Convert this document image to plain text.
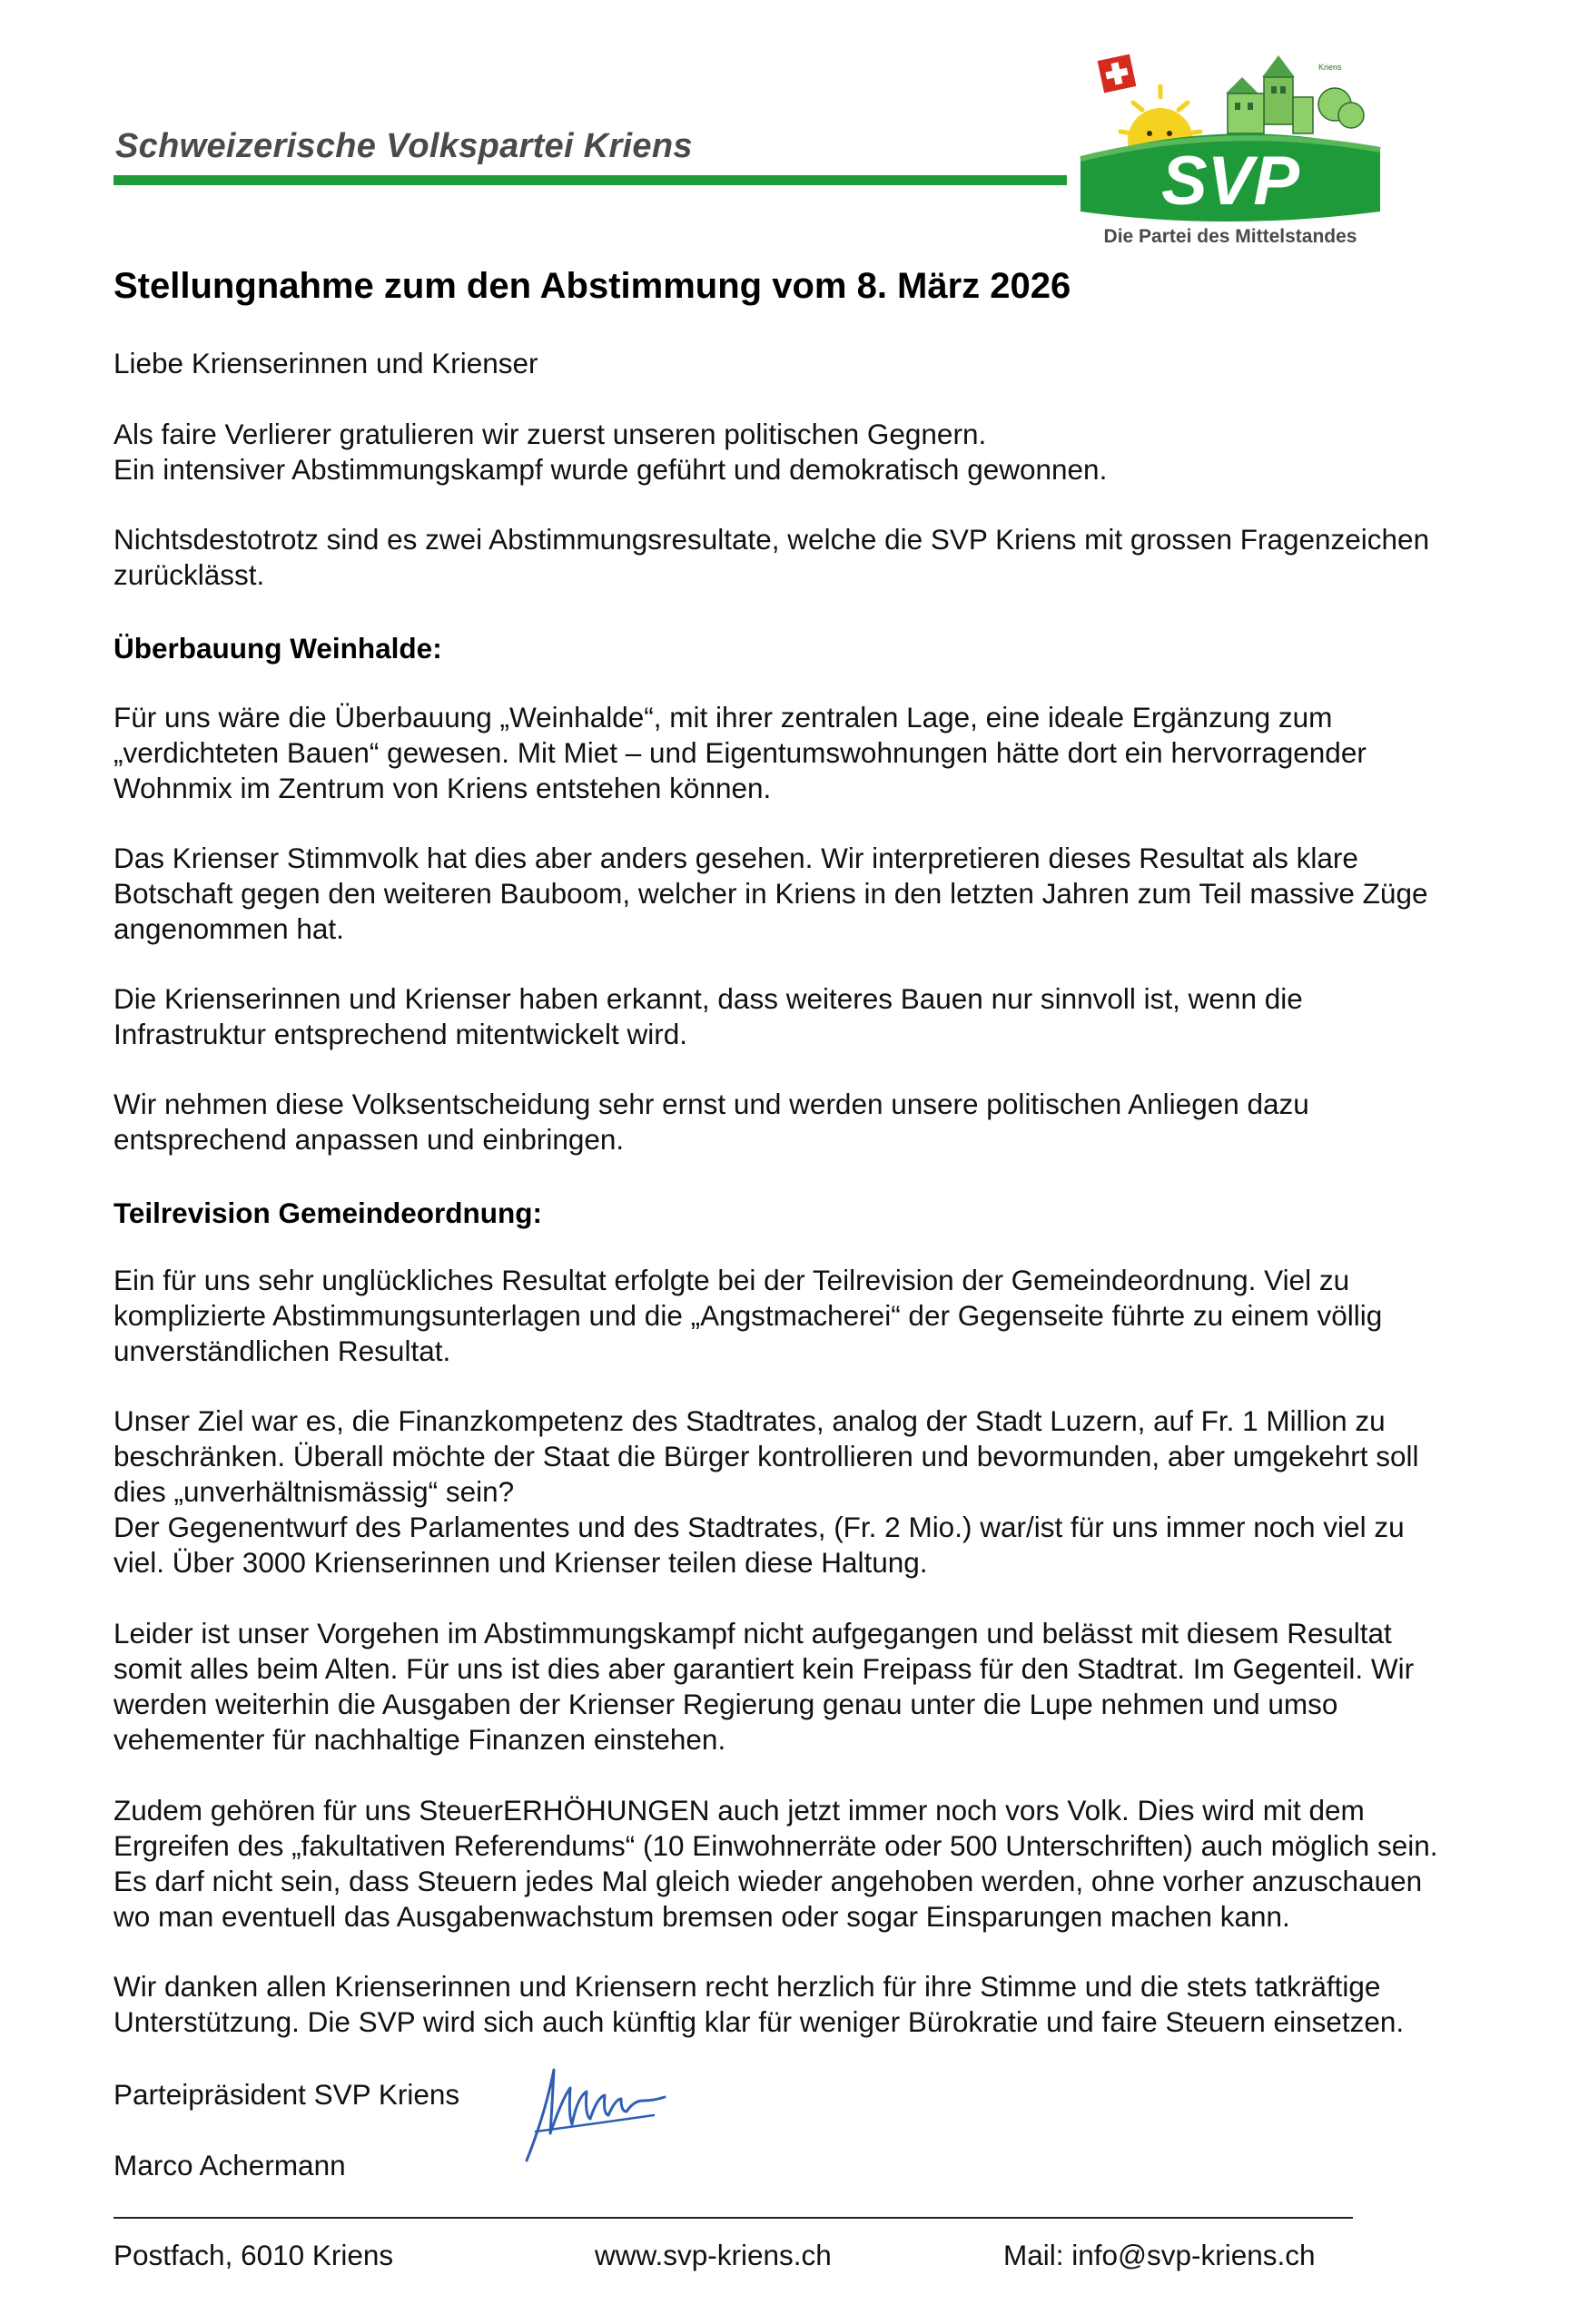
Schweizerische Volkspartei Kriens
Kriens
SVP
Die Partei des Mittelstandes
Stellungnahme zum den Abstimmung vom 8. März 2026
Liebe Krienserinnen und Krienser
Als faire Verlierer gratulieren wir zuerst unseren politischen Gegnern.
Ein intensiver Abstimmungskampf wurde geführt und demokratisch gewonnen.
Nichtsdestotrotz sind es zwei Abstimmungsresultate, welche die SVP Kriens mit grossen Fragenzeichen
zurücklässt.
Überbauung Weinhalde:
Für uns wäre die Überbauung „Weinhalde“, mit ihrer zentralen Lage, eine ideale Ergänzung zum
„verdichteten Bauen“ gewesen. Mit Miet – und Eigentumswohnungen hätte dort ein hervorragender
Wohnmix im Zentrum von Kriens entstehen können.
Das Krienser Stimmvolk hat dies aber anders gesehen. Wir interpretieren dieses Resultat als klare
Botschaft gegen den weiteren Bauboom, welcher in Kriens in den letzten Jahren zum Teil massive Züge
angenommen hat.
Die Krienserinnen und Krienser haben erkannt, dass weiteres Bauen nur sinnvoll ist, wenn die
Infrastruktur entsprechend mitentwickelt wird.
Wir nehmen diese Volksentscheidung sehr ernst und werden unsere politischen Anliegen dazu
entsprechend anpassen und einbringen.
Teilrevision Gemeindeordnung:
Ein für uns sehr unglückliches Resultat erfolgte bei der Teilrevision der Gemeindeordnung. Viel zu
komplizierte Abstimmungsunterlagen und die „Angstmacherei“ der Gegenseite führte zu einem völlig
unverständlichen Resultat.
Unser Ziel war es, die Finanzkompetenz des Stadtrates, analog der Stadt Luzern, auf Fr. 1 Million zu
beschränken. Überall möchte der Staat die Bürger kontrollieren und bevormunden, aber umgekehrt soll
dies „unverhältnismässig“ sein?
Der Gegenentwurf des Parlamentes und des Stadtrates, (Fr. 2 Mio.) war/ist für uns immer noch viel zu
viel. Über 3000 Krienserinnen und Krienser teilen diese Haltung.
Leider ist unser Vorgehen im Abstimmungskampf nicht aufgegangen und belässt mit diesem Resultat
somit alles beim Alten. Für uns ist dies aber garantiert kein Freipass für den Stadtrat. Im Gegenteil. Wir
werden weiterhin die Ausgaben der Krienser Regierung genau unter die Lupe nehmen und umso
vehementer für nachhaltige Finanzen einstehen.
Zudem gehören für uns SteuerERHÖHUNGEN auch jetzt immer noch vors Volk. Dies wird mit dem
Ergreifen des „fakultativen Referendums“ (10 Einwohnerräte oder 500 Unterschriften) auch möglich sein.
Es darf nicht sein, dass Steuern jedes Mal gleich wieder angehoben werden, ohne vorher anzuschauen
wo man eventuell das Ausgabenwachstum bremsen oder sogar Einsparungen machen kann.
Wir danken allen Krienserinnen und Kriensern recht herzlich für ihre Stimme und die stets tatkräftige
Unterstützung. Die SVP wird sich auch künftig klar für weniger Bürokratie und faire Steuern einsetzen.
Parteipräsident SVP Kriens
Marco Achermann
Postfach, 6010 Kriens	www.svp-kriens.ch	Mail: info@svp-kriens.ch
